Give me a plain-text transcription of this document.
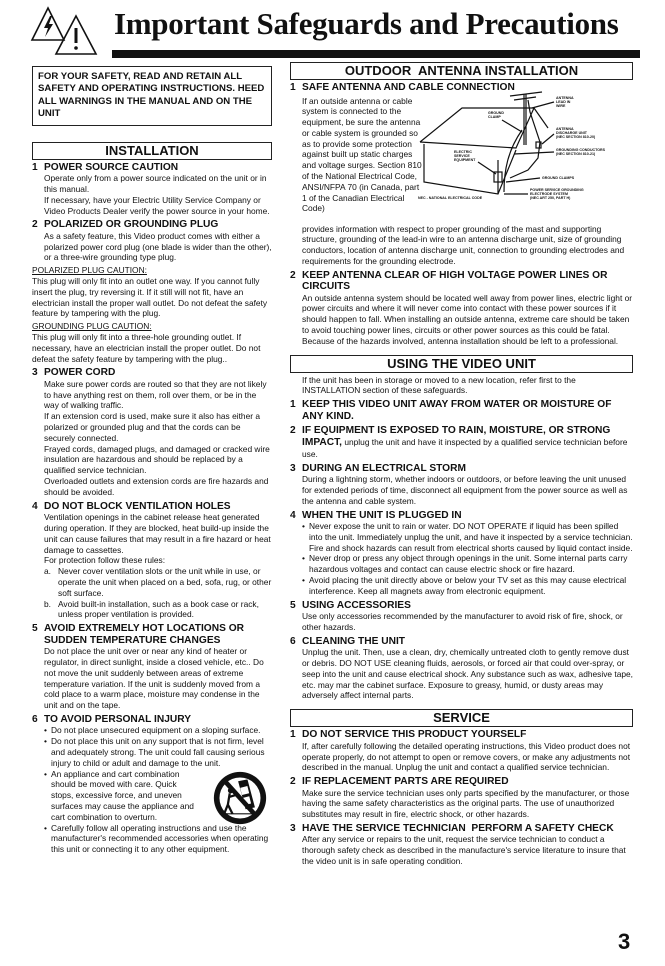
Important Safeguards and Precautions
FOR YOUR SAFETY, READ AND RETAIN ALL SAFETY AND OPERATING INSTRUCTIONS. HEED ALL WARNINGS IN THE MANUAL AND ON THE UNIT
INSTALLATION
1 POWER SOURCE CAUTION
Operate only from a power source indicated on the unit or in this manual.
If necessary, have your Electric Utility Service Company or Video Products Dealer verify the power source in your home.
2 POLARIZED OR GROUNDING PLUG
As a safety feature, this Video product comes with either a polarized power cord plug (one blade is wider than the other), or a three-wire grounding type plug.
POLARIZED PLUG CAUTION:
This plug will only fit into an outlet one way. If you cannot fully insert the plug, try reversing it. If it still will not fit, have an electrician install the proper wall outlet. Do not defeat the safety feature by tampering with the plug.
GROUNDING PLUG CAUTION:
This plug will only fit into a three-hole grounding outlet. If necessary, have an electrician install the proper outlet. Do not defeat the safety feature by tampering with the plug..
3 POWER CORD
Make sure power cords are routed so that they are not likely to have anything rest on them, roll over them, or be in the way of walking traffic.
If an extension cord is used, make sure it also has either a polarized or grounded plug and that the cords can be securely connected.
Frayed cords, damaged plugs, and damaged or cracked wire insulation are hazardous and should be replaced by a qualified service technician.
Overloaded outlets and extension cords are fire hazards and should be avoided.
4 DO NOT BLOCK VENTILATION HOLES
Ventilation openings in the cabinet release heat generated during operation. If they are blocked, heat build-up inside the unit can cause failures that may result in a fire hazard or heat damage to cassettes.
For protection follow these rules:
a. Never cover ventilation slots or the unit while in use, or operate the unit when placed on a bed, sofa, rug, or other soft surface.
b. Avoid built-in installation, such as a book case or rack, unless proper ventilation is provided.
5 AVOID EXTREMELY HOT LOCATIONS OR SUDDEN TEMPERATURE CHANGES
Do not place the unit over or near any kind of heater or regulator, in direct sunlight, inside a closed vehicle, etc.. Do not move the unit suddenly between areas of extreme temperature variation. If the unit is suddenly moved from a cold place to a warm place, moisture may condense in the unit and on the tape.
6 TO AVOID PERSONAL INJURY
• Do not place unsecured equipment on a sloping surface.
• Do not place this unit on any support that is not firm, level and adequately strong. The unit could fall causing serious injury to child or adult and damage to the unit.
• An appliance and cart combination should be moved with care. Quick stops, excessive force, and uneven surfaces may cause the appliance and cart combination to overturn.
• Carefully follow all operating instructions and use the manufacturer's recommended accessories when operating this unit or connecting it to any other equipment.
OUTDOOR  ANTENNA INSTALLATION
1 SAFE ANTENNA AND CABLE CONNECTION
If an outside antenna or cable system is connected to the equipment, be sure the antenna or cable system is grounded so as to provide some protection against built up static charges and voltage surges. Section 810 of the National Electrical Code, ANSI/NFPA 70 (in Canada, part 1 of the Canadian Electrical Code)
ANTENNA
LEAD IN
WIRE
GROUND
CLAMP
ANTENNA
DISCHARGE UNIT
(NEC SECTION 810-20)
ELECTRIC
SERVICE
EQUIPMENT
GROUNDING CONDUCTORS
(NEC SECTION 810-21)
GROUND CLAMPS
POWER SERVICE GROUNDING
ELECTRODE SYSTEM
(NEC ART 250, PART H)
NEC - NATIONAL ELECTRICAL CODE
provides information with respect to proper grounding of the mast and supporting structure, grounding of the lead-in wire to an antenna discharge unit, size of grounding conductors, location of antenna discharge unit, connection to grounding electrodes and requirements for the grounding electrode.
2 KEEP ANTENNA CLEAR OF HIGH VOLTAGE POWER LINES OR CIRCUITS
An outside antenna system should be located well away from power lines, electric light or power circuits and where it will never come into contact with these power sources if it should happen to fall. When installing an outside antenna, extreme care should be taken to avoid touching power lines, circuits or other power sources as this could be fatal. Because of the hazards involved, antenna installation should be left to a professional.
USING THE VIDEO UNIT
If the unit has been in storage or moved to a new location, refer first to the INSTALLATION section of these safeguards.
1 KEEP THIS VIDEO UNIT AWAY FROM WATER OR MOISTURE OF ANY KIND.
2 IF EQUIPMENT IS EXPOSED TO RAIN, MOISTURE, OR STRONG IMPACT, unplug the unit and have it inspected by a qualified service technician before use.
3 DURING AN ELECTRICAL STORM
During a lightning storm, whether indoors or outdoors, or before leaving the unit unused for extended periods of time, disconnect all equipment from the power source as well as the antenna and cable system.
4 WHEN THE UNIT IS PLUGGED IN
• Never expose the unit to rain or water. DO NOT OPERATE if liquid has been spilled into the unit. Immediately unplug the unit, and have it inspected by a service technician. Fire and shock hazards can result from electrical shorts caused by liquid contact inside.
• Never drop or press any object through openings in the unit. Some internal parts carry hazardous voltages and contact can cause electric shock or fire hazard.
• Avoid placing the unit directly above or below your TV set as this may cause electrical interference. Keep all magnets away from electronic equipment.
5 USING ACCESSORIES
Use only accessories recommended by the manufacturer to avoid risk of fire, shock, or other hazards.
6 CLEANING THE UNIT
Unplug the unit. Then, use a clean, dry, chemically untreated cloth to gently remove dust or debris. DO NOT USE cleaning fluids, aerosols, or forced air that could over-spray, or seep into the unit and cause electrical shock. Any substance such as wax, adhesive tape, etc. may mar the cabinet surface. Exposure to greasy, humid, or dusty areas may adversely affect internal parts.
SERVICE
1 DO NOT SERVICE THIS PRODUCT YOURSELF
If, after carefully following the detailed operating instructions, this Video product does not operate properly, do not attempt to open or remove covers, or make any adjustments not described in the manual. Unplug the unit and contact a qualified service technician.
2 IF REPLACEMENT PARTS ARE REQUIRED
Make sure the service technician uses only parts specified by the manufacturer, or those having the same safety characteristics as the original parts. The use of unauthorized substitutes may result in fire, electric shock, or other hazards.
3 HAVE THE SERVICE TECHNICIAN  PERFORM A SAFETY CHECK
After any service or repairs to the unit, request the service technician to conduct a thorough safety check as described in the manufacture's service literature to insure that the video unit is in safe operating condition.
3
